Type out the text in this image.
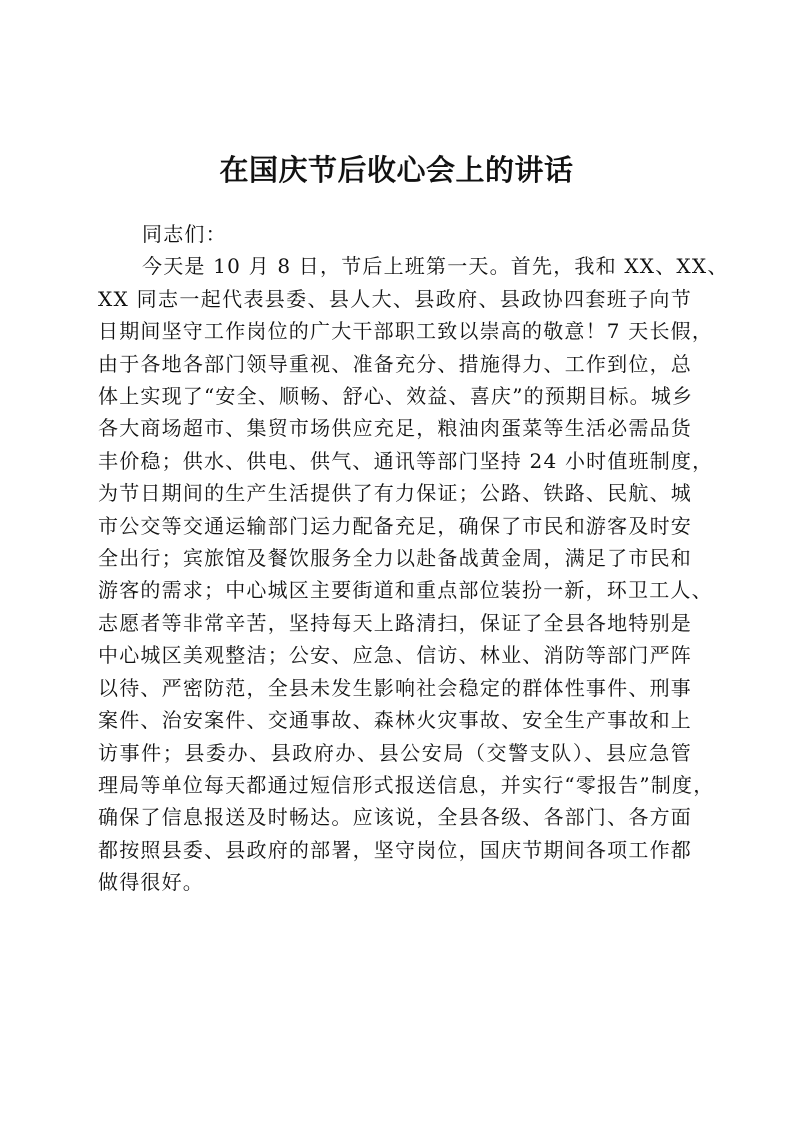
在国庆节后收心会上的讲话
同志们：
今天是 10 月 8 日，节后上班第一天。首先，我和 XX、XX、
XX 同志一起代表县委、县人大、县政府、县政协四套班子向节
日期间坚守工作岗位的广大干部职工致以崇高的敬意！7 天长假，
由于各地各部门领导重视、准备充分、措施得力、工作到位，总
体上实现了“安全、顺畅、舒心、效益、喜庆”的预期目标。城乡
各大商场超市、集贸市场供应充足，粮油肉蛋菜等生活必需品货
丰价稳；供水、供电、供气、通讯等部门坚持 24 小时值班制度，
为节日期间的生产生活提供了有力保证；公路、铁路、民航、城
市公交等交通运输部门运力配备充足，确保了市民和游客及时安
全出行；宾旅馆及餐饮服务全力以赴备战黄金周，满足了市民和
游客的需求；中心城区主要街道和重点部位装扮一新，环卫工人、
志愿者等非常辛苦，坚持每天上路清扫，保证了全县各地特别是
中心城区美观整洁；公安、应急、信访、林业、消防等部门严阵
以待、严密防范，全县未发生影响社会稳定的群体性事件、刑事
案件、治安案件、交通事故、森林火灾事故、安全生产事故和上
访事件；县委办、县政府办、县公安局（交警支队）、县应急管
理局等单位每天都通过短信形式报送信息，并实行“零报告”制度，
确保了信息报送及时畅达。应该说，全县各级、各部门、各方面
都按照县委、县政府的部署，坚守岗位，国庆节期间各项工作都
做得很好。
